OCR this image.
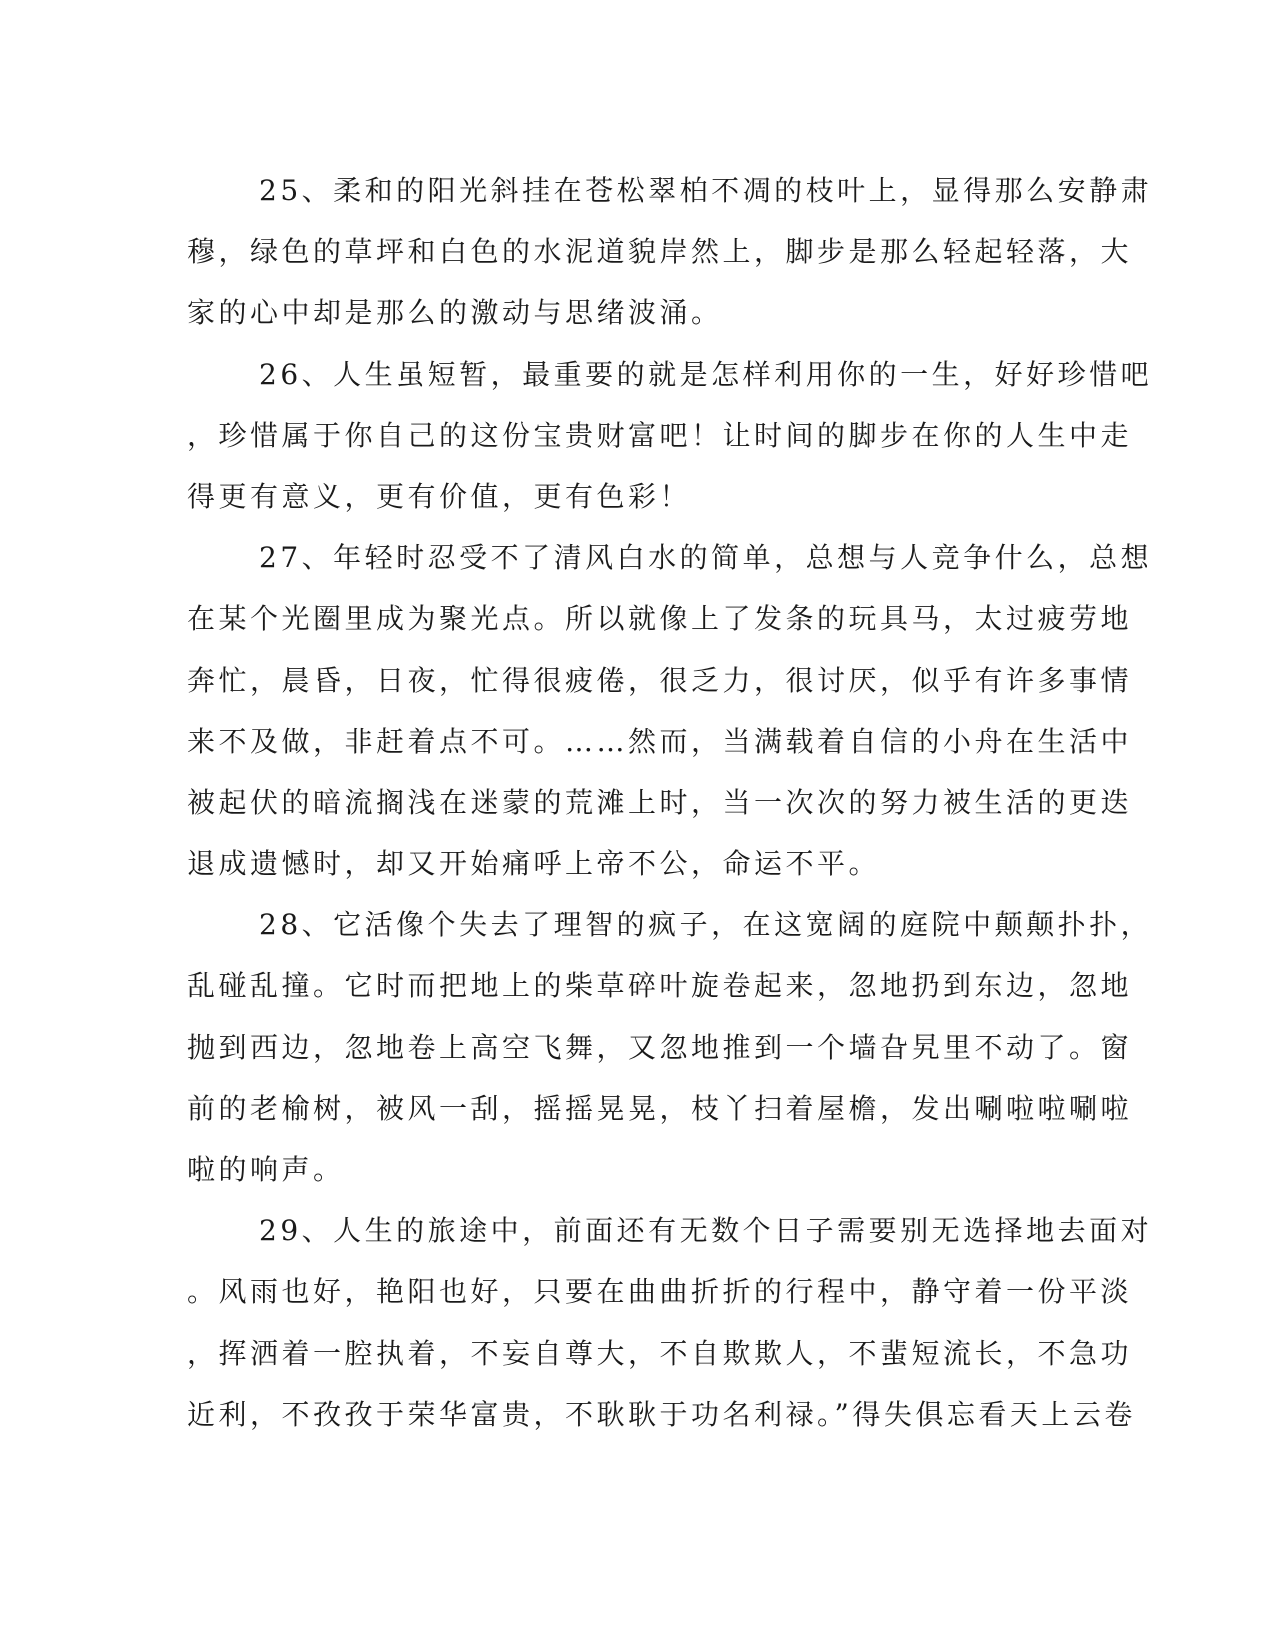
25、柔和的阳光斜挂在苍松翠柏不凋的枝叶上，显得那么安静肃
穆，绿色的草坪和白色的水泥道貌岸然上，脚步是那么轻起轻落，大
家的心中却是那么的激动与思绪波涌。
26、人生虽短暂，最重要的就是怎样利用你的一生，好好珍惜吧
，珍惜属于你自己的这份宝贵财富吧！让时间的脚步在你的人生中走
得更有意义，更有价值，更有色彩！
27、年轻时忍受不了清风白水的简单，总想与人竞争什么，总想
在某个光圈里成为聚光点。所以就像上了发条的玩具马，太过疲劳地
奔忙，晨昏，日夜，忙得很疲倦，很乏力，很讨厌，似乎有许多事情
来不及做，非赶着点不可。……然而，当满载着自信的小舟在生活中
被起伏的暗流搁浅在迷蒙的荒滩上时，当一次次的努力被生活的更迭
退成遗憾时，却又开始痛呼上帝不公，命运不平。
28、它活像个失去了理智的疯子，在这宽阔的庭院中颠颠扑扑，
乱碰乱撞。它时而把地上的柴草碎叶旋卷起来，忽地扔到东边，忽地
抛到西边，忽地卷上高空飞舞，又忽地推到一个墙旮旯里不动了。窗
前的老榆树，被风一刮，摇摇晃晃，枝丫扫着屋檐，发出唰啦啦唰啦
啦的响声。
29、人生的旅途中，前面还有无数个日子需要别无选择地去面对
。风雨也好，艳阳也好，只要在曲曲折折的行程中，静守着一份平淡
，挥洒着一腔执着，不妄自尊大，不自欺欺人，不蜚短流长，不急功
近利，不孜孜于荣华富贵，不耿耿于功名利禄。”得失俱忘看天上云卷
